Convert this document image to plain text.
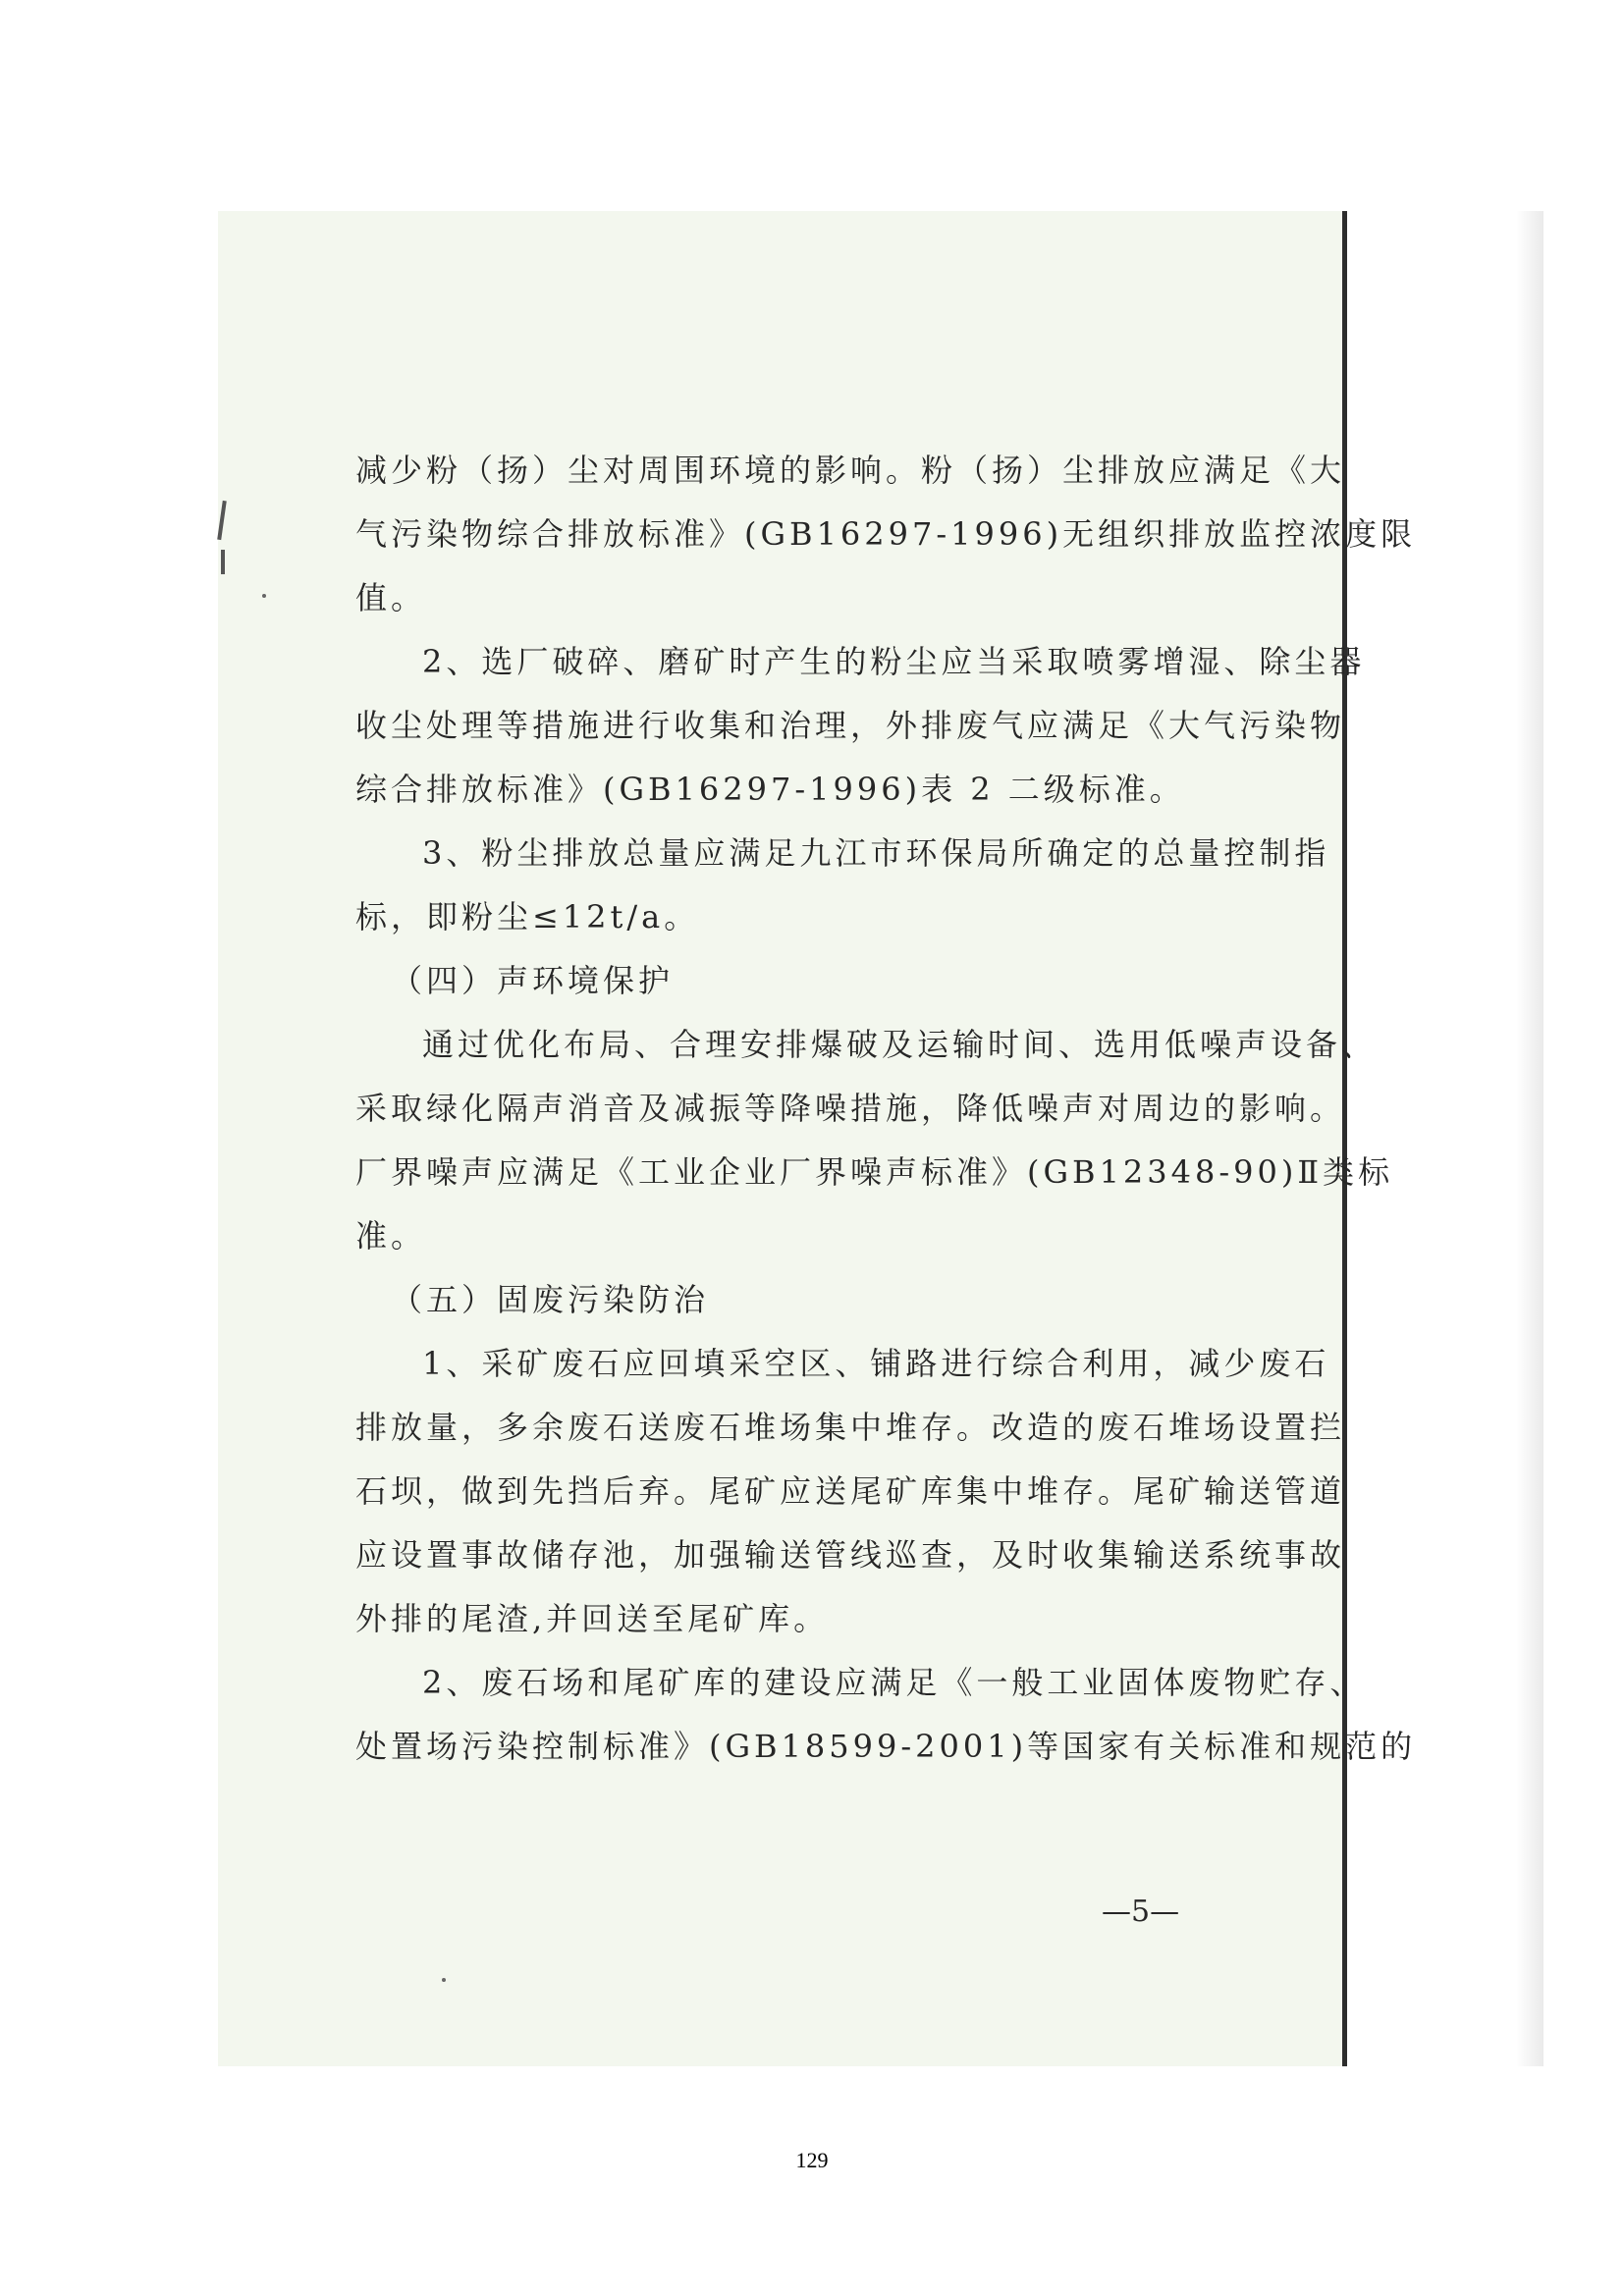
减少粉（扬）尘对周围环境的影响。粉（扬）尘排放应满足《大
气污染物综合排放标准》(GB16297-1996)无组织排放监控浓度限
值。
2、选厂破碎、磨矿时产生的粉尘应当采取喷雾增湿、除尘器
收尘处理等措施进行收集和治理，外排废气应满足《大气污染物
综合排放标准》(GB16297-1996)表 2 二级标准。
3、粉尘排放总量应满足九江市环保局所确定的总量控制指
标，即粉尘≤12t/a。
（四）声环境保护
通过优化布局、合理安排爆破及运输时间、选用低噪声设备、
采取绿化隔声消音及减振等降噪措施，降低噪声对周边的影响。
厂界噪声应满足《工业企业厂界噪声标准》(GB12348-90)Ⅱ类标
准。
（五）固废污染防治
1、采矿废石应回填采空区、铺路进行综合利用，减少废石
排放量，多余废石送废石堆场集中堆存。改造的废石堆场设置拦
石坝，做到先挡后弃。尾矿应送尾矿库集中堆存。尾矿输送管道
应设置事故储存池，加强输送管线巡查，及时收集输送系统事故
外排的尾渣,并回送至尾矿库。
2、废石场和尾矿库的建设应满足《一般工业固体废物贮存、
处置场污染控制标准》(GB18599-2001)等国家有关标准和规范的
—5—
129
